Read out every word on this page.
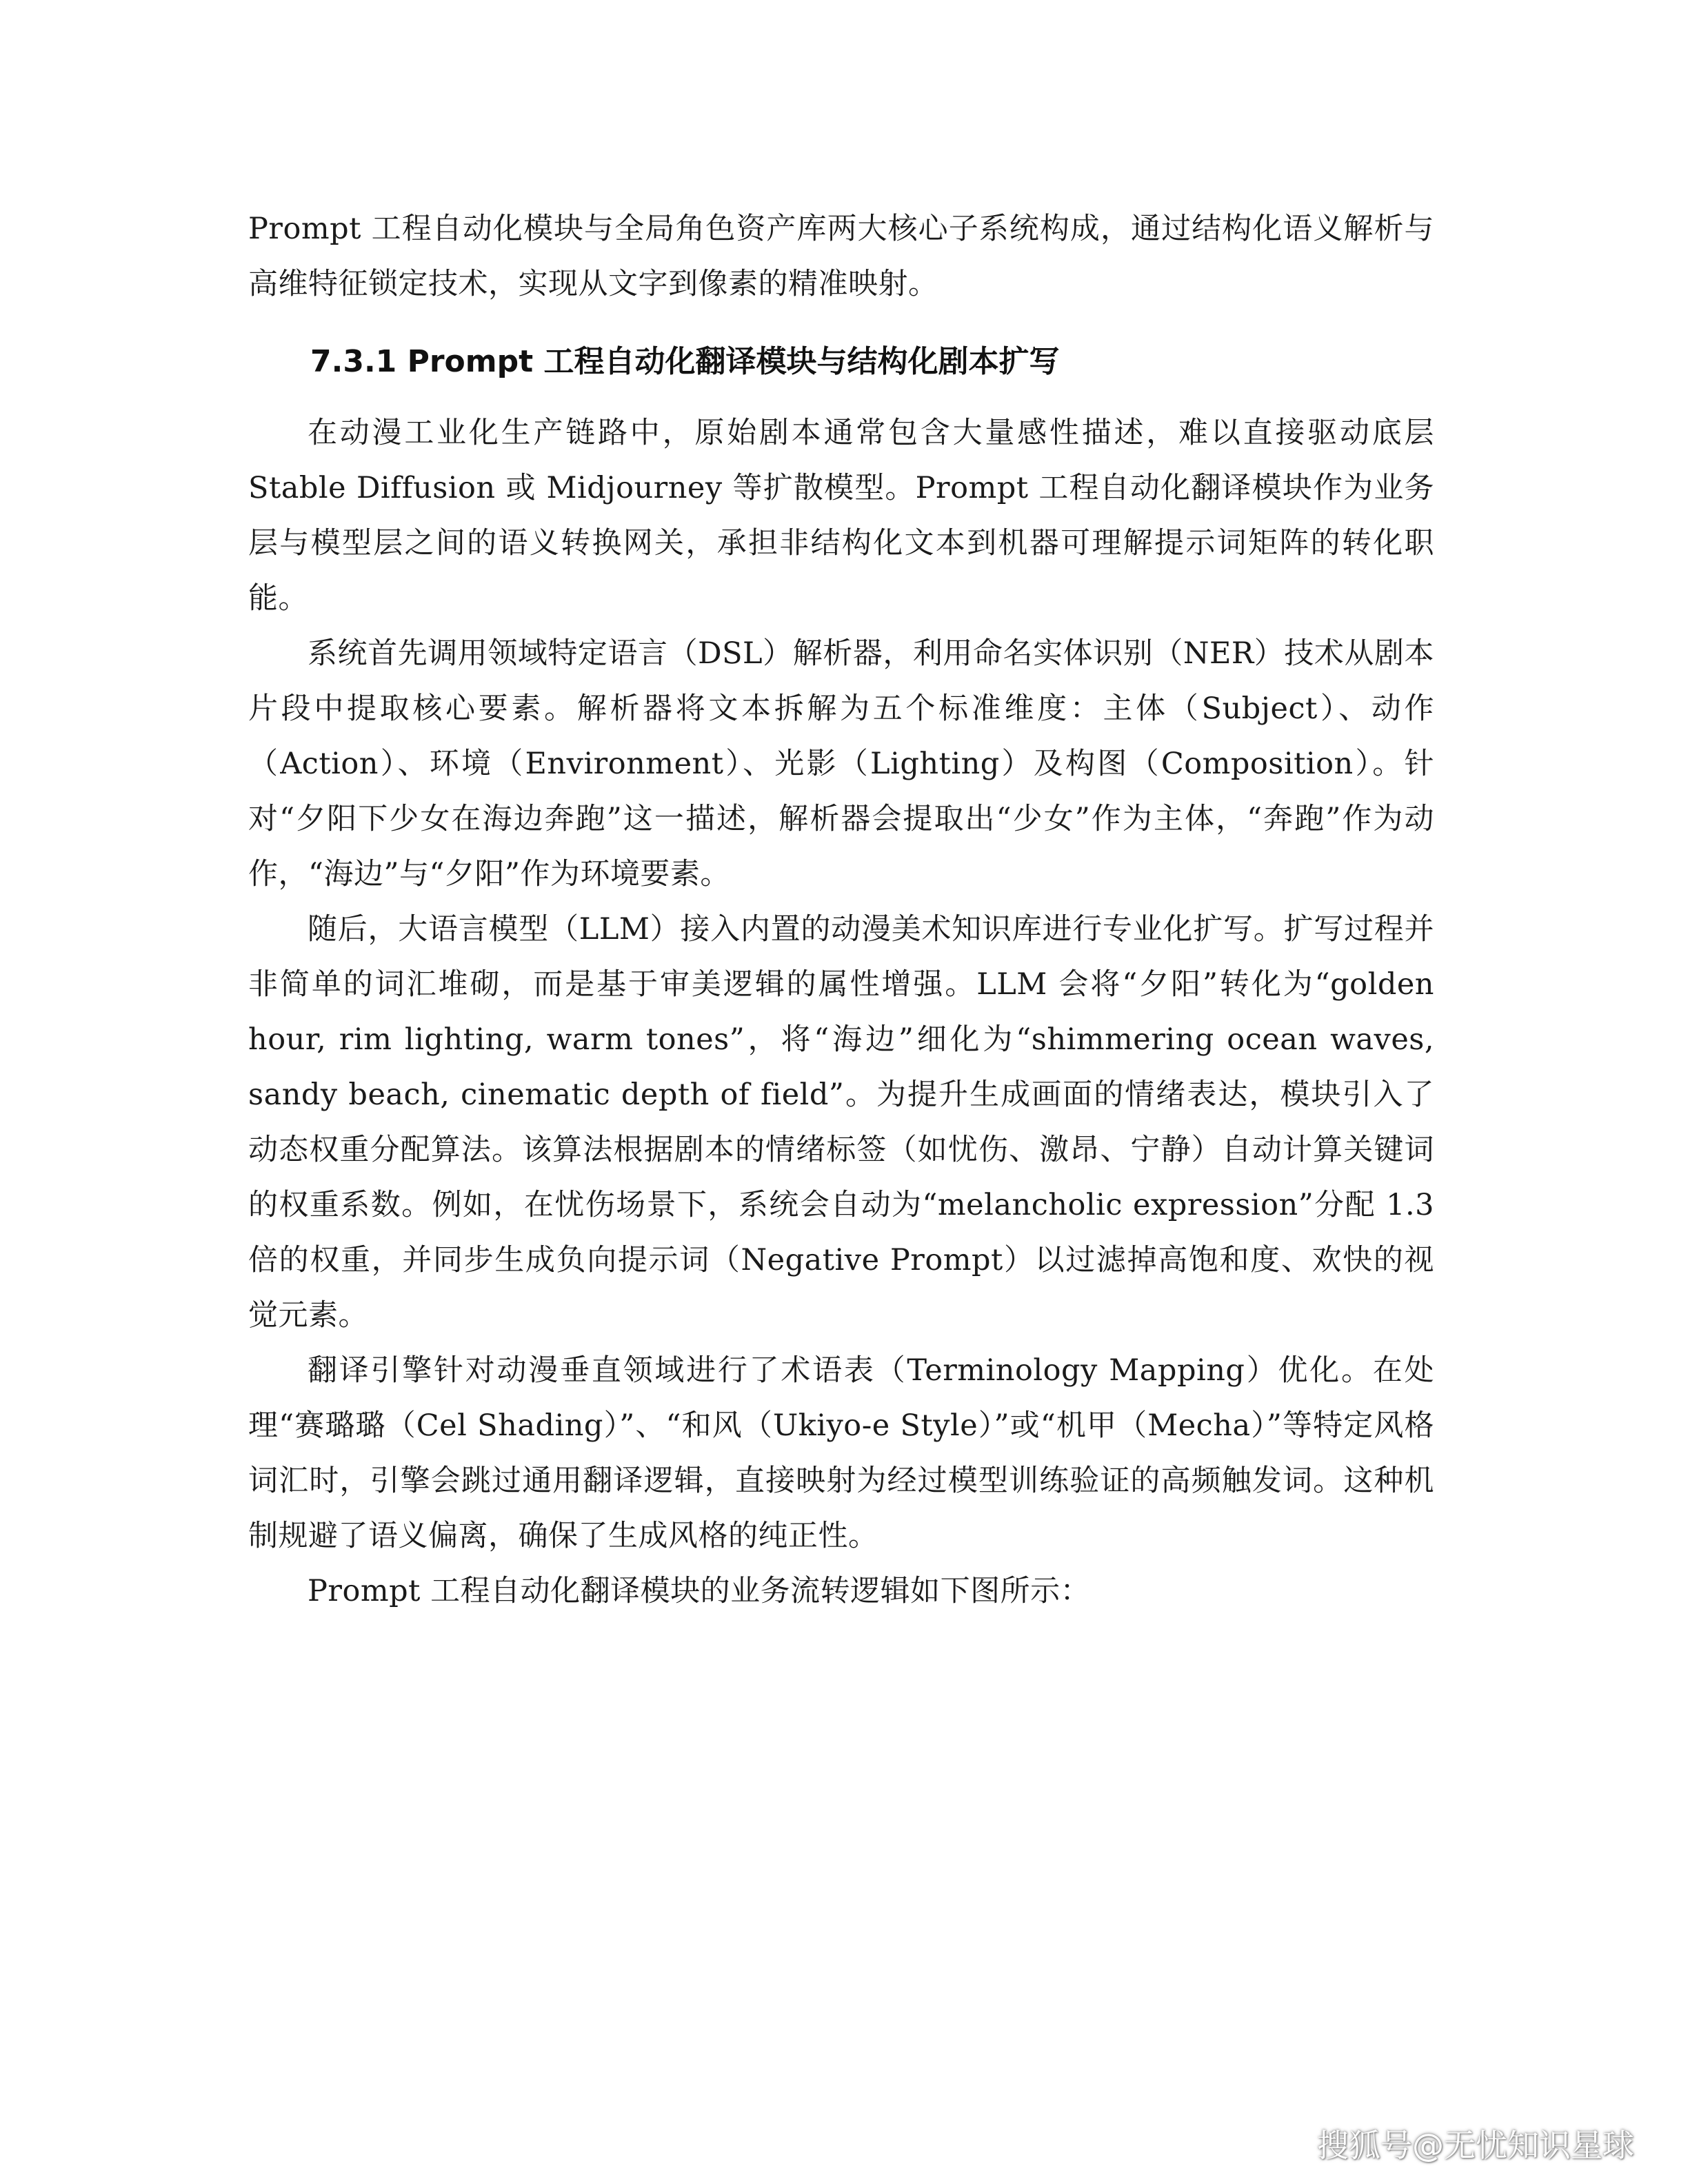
Prompt 工程自动化模块与全局角色资产库两大核心子系统构成，通过结构化语义解析与高维特征锁定技术，实现从文字到像素的精准映射。

7.3.1 Prompt 工程自动化翻译模块与结构化剧本扩写

在动漫工业化生产链路中，原始剧本通常包含大量感性描述，难以直接驱动底层 Stable Diffusion 或 Midjourney 等扩散模型。Prompt 工程自动化翻译模块作为业务层与模型层之间的语义转换网关，承担非结构化文本到机器可理解提示词矩阵的转化职能。

系统首先调用领域特定语言（DSL）解析器，利用命名实体识别（NER）技术从剧本片段中提取核心要素。解析器将文本拆解为五个标准维度：主体（Subject）、动作（Action）、环境（Environment）、光影（Lighting）及构图（Composition）。针对“夕阳下少女在海边奔跑”这一描述，解析器会提取出“少女”作为主体，“奔跑”作为动作，“海边”与“夕阳”作为环境要素。

随后，大语言模型（LLM）接入内置的动漫美术知识库进行专业化扩写。扩写过程并非简单的词汇堆砌，而是基于审美逻辑的属性增强。LLM 会将“夕阳”转化为“golden hour, rim lighting, warm tones”，将“海边”细化为“shimmering ocean waves, sandy beach, cinematic depth of field”。为提升生成画面的情绪表达，模块引入了动态权重分配算法。该算法根据剧本的情绪标签（如忧伤、激昂、宁静）自动计算关键词的权重系数。例如，在忧伤场景下，系统会自动为“melancholic expression”分配 1.3 倍的权重，并同步生成负向提示词（Negative Prompt）以过滤掉高饱和度、欢快的视觉元素。

翻译引擎针对动漫垂直领域进行了术语表（Terminology Mapping）优化。在处理“赛璐璐（Cel Shading）”、“和风（Ukiyo-e Style）”或“机甲（Mecha）”等特定风格词汇时，引擎会跳过通用翻译逻辑，直接映射为经过模型训练验证的高频触发词。这种机制规避了语义偏离，确保了生成风格的纯正性。

Prompt 工程自动化翻译模块的业务流转逻辑如下图所示：

搜狐号@无忧知识星球
